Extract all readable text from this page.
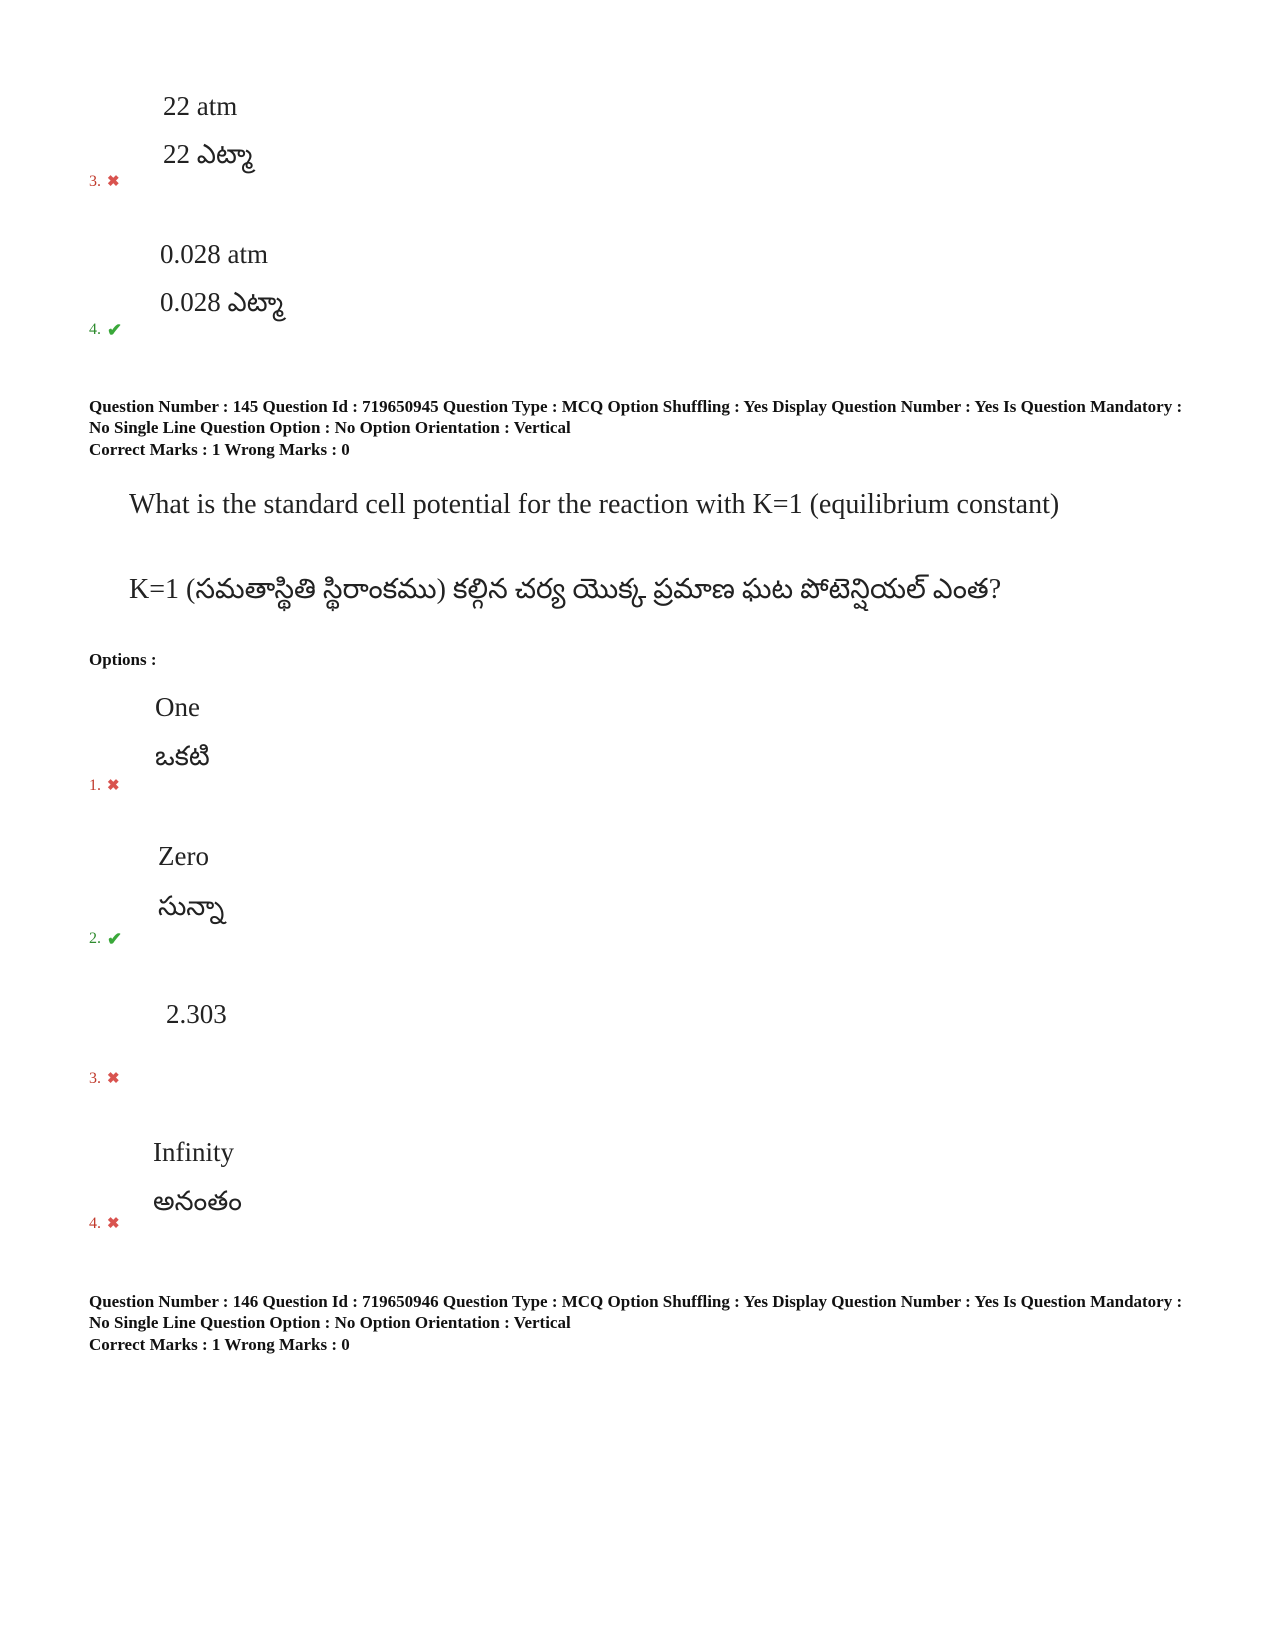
22 atm
22 ఎట్మా
3. ✖
0.028 atm
0.028 ఎట్మా
4. ✔
Question Number : 145 Question Id : 719650945 Question Type : MCQ Option Shuffling : Yes Display Question Number : Yes Is Question Mandatory : No Single Line Question Option : No Option Orientation : Vertical
Correct Marks : 1 Wrong Marks : 0
What is the standard cell potential for the reaction with K=1 (equilibrium constant)
K=1 (సమతాస్థితి స్థిరాంకము) కల్గిన చర్య యొక్క ప్రమాణ ఘట పోటెన్షియల్ ఎంత?
Options :
One
ఒకటి
1. ✖
Zero
సున్నా
2. ✔
2.303
3. ✖
Infinity
అనంతం
4. ✖
Question Number : 146 Question Id : 719650946 Question Type : MCQ Option Shuffling : Yes Display Question Number : Yes Is Question Mandatory : No Single Line Question Option : No Option Orientation : Vertical
Correct Marks : 1 Wrong Marks : 0
